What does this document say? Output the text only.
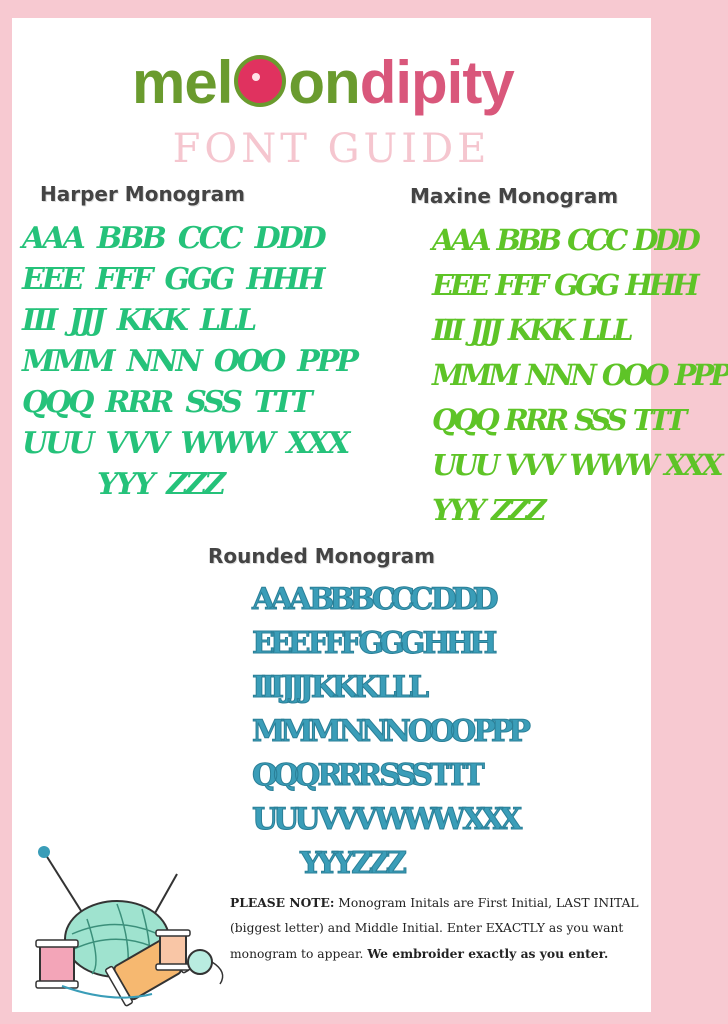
mel ondipity
FONT GUIDE
Harper Monogram
AAA BBB CCC DDD
EEE FFF GGG HHH
III JJJ KKK LLL
MMM NNN OOO PPP
QQQ RRR SSS TTT
UUU VVV WWW XXX
YYY ZZZ
Maxine Monogram
AAA BBB CCC DDD
EEE FFF GGG HHH
III JJJ KKK LLL
MMM NNN OOO PPP
QQQ RRR SSS TTT
UUU VVV WWW XXX
YYY ZZZ
Rounded Monogram
AAA BBB CCC DDD
EEE FFF GGG HHH
III JJJ KKK LLL
MMM NNN OOO PPP
QQQ RRR SSS TTT
UUU VVV WWW XXX
YYY ZZZ
PLEASE NOTE: Monogram Initals are First Initial, LAST INITAL (biggest letter) and Middle Initial. Enter EXACTLY as you want monogram to appear. We embroider exactly as you enter.
